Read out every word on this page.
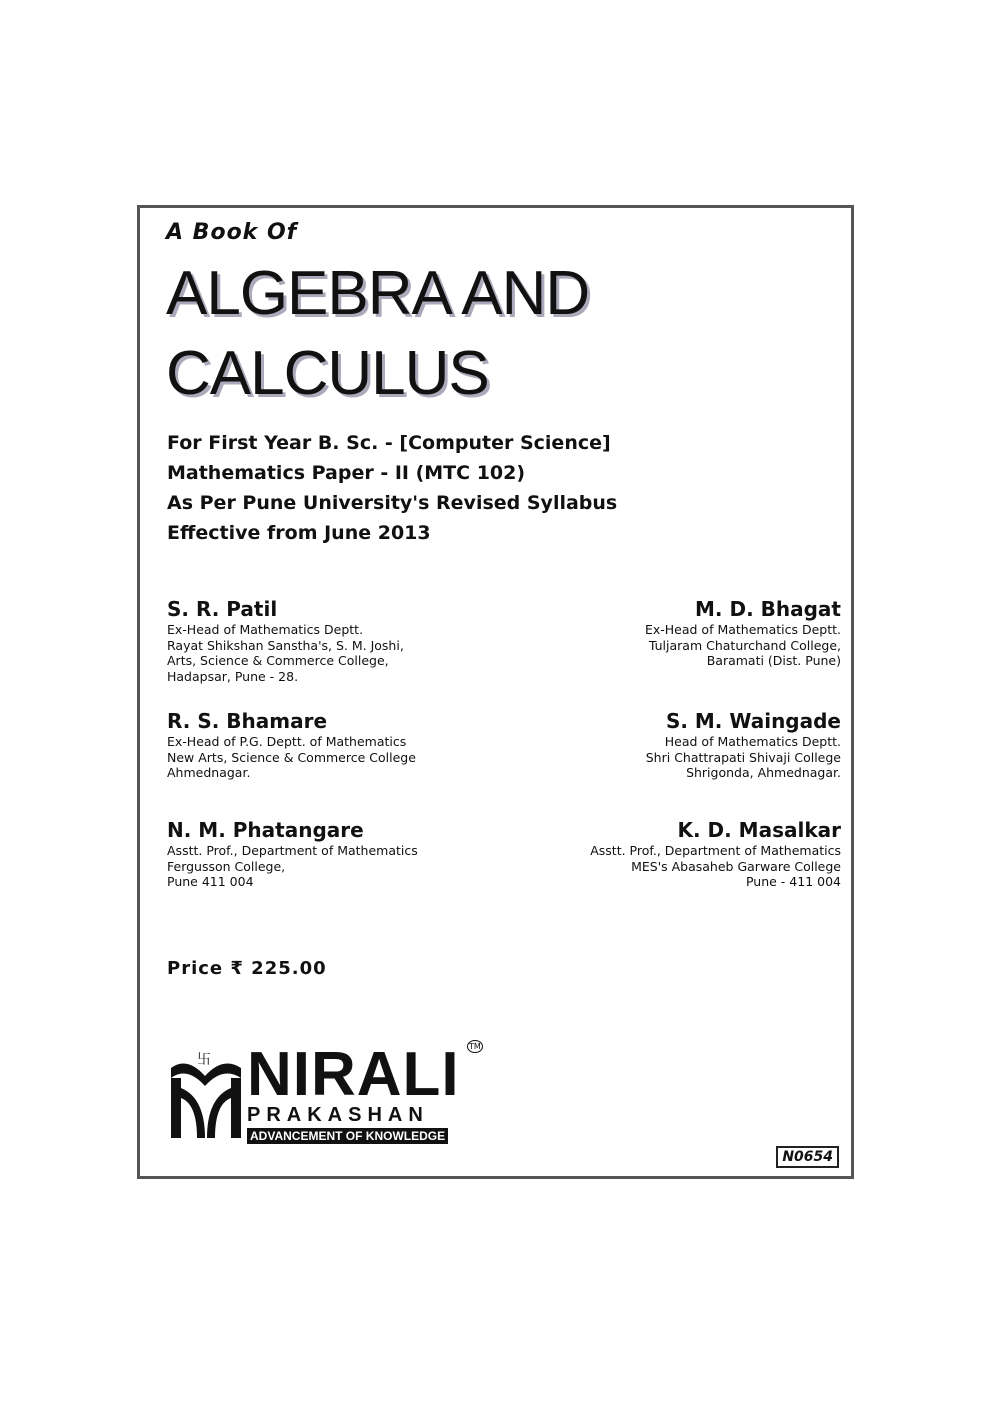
A Book Of
ALGEBRA AND
CALCULUS
For First Year B. Sc. - [Computer Science]
Mathematics Paper - II (MTC 102)
As Per Pune University's Revised Syllabus
Effective from June 2013
S. R. Patil
Ex-Head of Mathematics Deptt.
Rayat Shikshan Sanstha's, S. M. Joshi,
Arts, Science & Commerce College,
Hadapsar, Pune - 28.
M. D. Bhagat
Ex-Head of Mathematics Deptt.
Tuljaram Chaturchand College,
Baramati (Dist. Pune)
R. S. Bhamare
Ex-Head of P.G. Deptt. of Mathematics
New Arts, Science & Commerce College
Ahmednagar.
S. M. Waingade
Head of Mathematics Deptt.
Shri Chattrapati Shivaji College
Shrigonda, Ahmednagar.
N. M. Phatangare
Asstt. Prof., Department of Mathematics
Fergusson College,
Pune 411 004
K. D. Masalkar
Asstt. Prof., Department of Mathematics
MES's Abasaheb Garware College
Pune - 411 004
Price ₹ 225.00
卐 NIRALI TM
PRAKASHAN
ADVANCEMENT OF KNOWLEDGE
N0654
